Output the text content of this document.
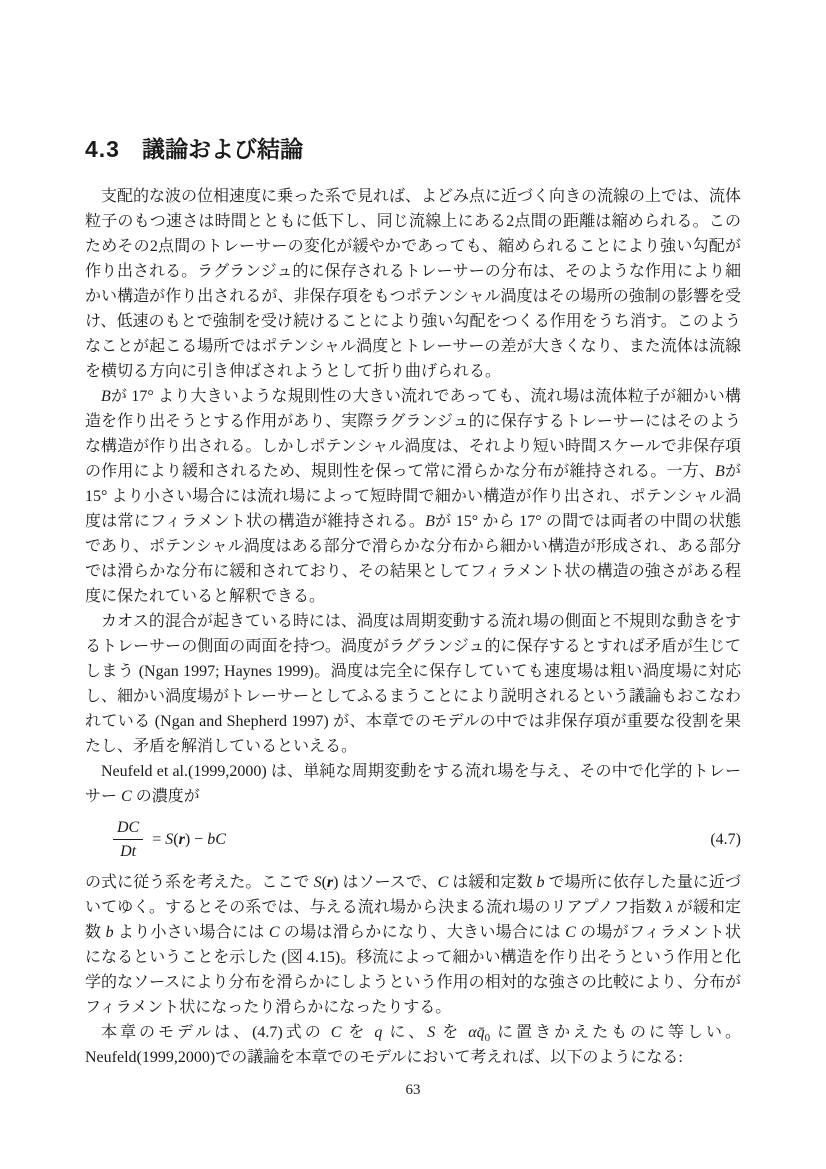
4.3 議論および結論

支配的な波の位相速度に乗った系で見れば、よどみ点に近づく向きの流線の上では、流体粒子のもつ速さは時間とともに低下し、同じ流線上にある2点間の距離は縮められる。このためその2点間のトレーサーの変化が緩やかであっても、縮められることにより強い勾配が作り出される。ラグランジュ的に保存されるトレーサーの分布は、そのような作用により細かい構造が作り出されるが、非保存項をもつポテンシャル渦度はその場所の強制の影響を受け、低速のもとで強制を受け続けることにより強い勾配をつくる作用をうち消す。このようなことが起こる場所ではポテンシャル渦度とトレーサーの差が大きくなり、また流体は流線を横切る方向に引き伸ばされようとして折り曲げられる。

Bが 17° より大きいような規則性の大きい流れであっても、流れ場は流体粒子が細かい構造を作り出そうとする作用があり、実際ラグランジュ的に保存するトレーサーにはそのような構造が作り出される。しかしポテンシャル渦度は、それより短い時間スケールで非保存項の作用により緩和されるため、規則性を保って常に滑らかな分布が維持される。一方、Bが 15° より小さい場合には流れ場によって短時間で細かい構造が作り出され、ポテンシャル渦度は常にフィラメント状の構造が維持される。Bが 15° から 17° の間では両者の中間の状態であり、ポテンシャル渦度はある部分で滑らかな分布から細かい構造が形成され、ある部分では滑らかな分布に緩和されており、その結果としてフィラメント状の構造の強さがある程度に保たれていると解釈できる。

カオス的混合が起きている時には、渦度は周期変動する流れ場の側面と不規則な動きをするトレーサーの側面の両面を持つ。渦度がラグランジュ的に保存するとすれば矛盾が生じてしまう (Ngan 1997; Haynes 1999)。渦度は完全に保存していても速度場は粗い渦度場に対応し、細かい渦度場がトレーサーとしてふるまうことにより説明されるという議論もおこなわれている (Ngan and Shepherd 1997) が、本章でのモデルの中では非保存項が重要な役割を果たし、矛盾を解消しているといえる。

Neufeld et al.(1999,2000) は、単純な周期変動をする流れ場を与え、その中で化学的トレーサー C の濃度が

$\frac{DC}{Dt} = S(r)$ − bC	(4.7)

の式に従う系を考えた。ここで S(r) はソースで、C は緩和定数 b で場所に依存した量に近づいてゆく。するとその系では、与える流れ場から決まる流れ場のリアプノフ指数 λ が緩和定数 b より小さい場合には C の場は滑らかになり、大きい場合には C の場がフィラメント状になるということを示した (図 4.15)。移流によって細かい構造を作り出そうという作用と化学的なソースにより分布を滑らかにしようという作用の相対的な強さの比較により、分布がフィラメント状になったり滑らかになったりする。

本章のモデルは、(4.7)式の C を q に、S を $\alpha q̄_0$ に置きかえたものに等しい。Neufeld(1999,2000)での議論を本章でのモデルにおいて考えれば、以下のようになる:

63
